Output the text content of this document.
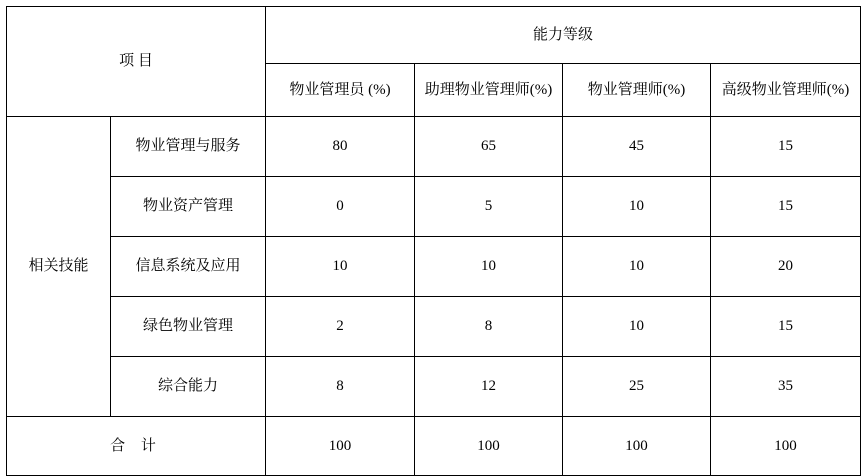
项 目		能力等级			
		物业管理员 (%)	助理物业管理师(%)	物业管理师(%)	高级物业管理师(%)
相关技能	物业管理与服务	80	65	45	15
	物业资产管理	0	5	10	15
	信息系统及应用	10	10	10	20
	绿色物业管理	2	8	10	15
	综合能力	8	12	25	35
合 计		100	100	100	100
